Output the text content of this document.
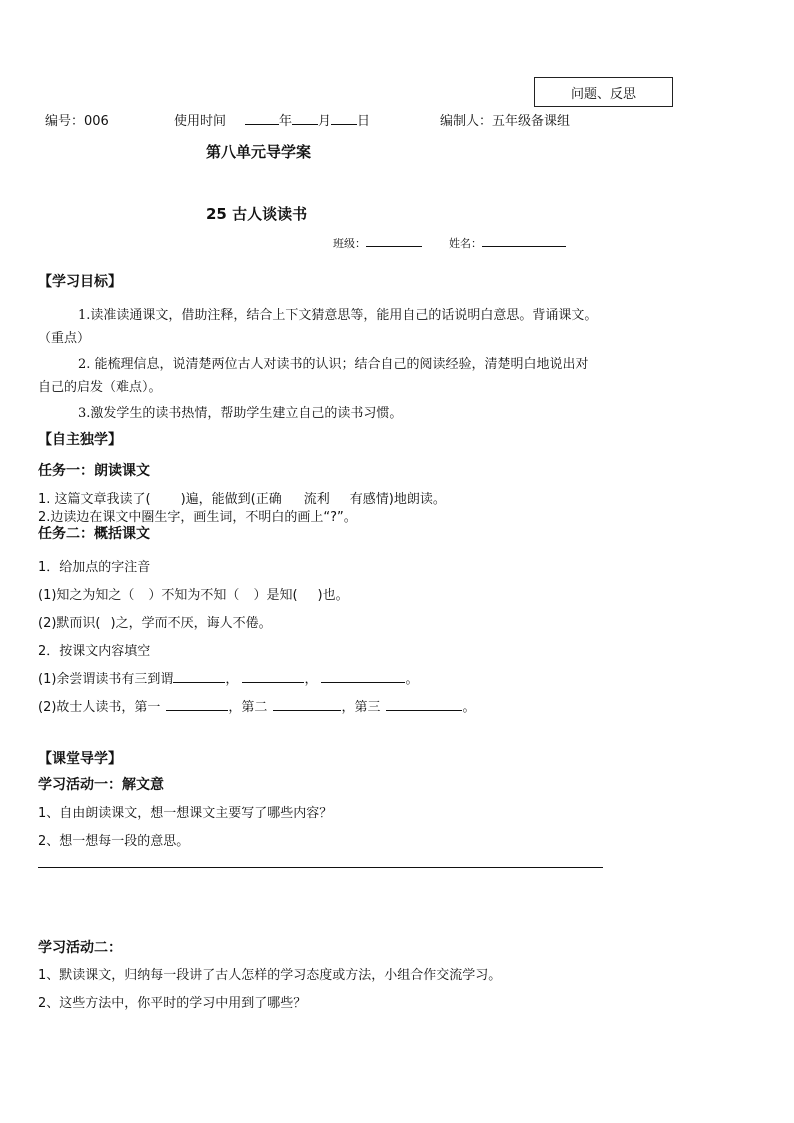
问题、反思
编号：006	使用时间	年 月 日	编制人：五年级备课组
第八单元导学案
25 古人谈读书
班级：	姓名：
【学习目标】
1.读准读通课文，借助注释，结合上下文猜意思等，能用自己的话说明白意思。背诵课文。
（重点）
2. 能梳理信息，说清楚两位古人对读书的认识；结合自己的阅读经验，清楚明白地说出对
自己的启发（难点）。
3.激发学生的读书热情，帮助学生建立自己的读书习惯。
【自主独学】
任务一：朗读课文
1. 这篇文章我读了( )遍，能做到(正确 流利 有感情)地朗读。
2.边读边在课文中圈生字，画生词，不明白的画上“?”。
任务二：概括课文
1．给加点的字注音
(1)知之为知之（ ）不知为不知（ ）是知( )也。
(2)默而识( )之，学而不厌，诲人不倦。
2．按课文内容填空
(1)余尝谓读书有三到谓	，	，	。
(2)故士人读书，第一	，第二	，第三	。
【课堂导学】
学习活动一：解文意
1、自由朗读课文，想一想课文主要写了哪些内容？
2、想一想每一段的意思。
学习活动二：
1、默读课文，归纳每一段讲了古人怎样的学习态度或方法，小组合作交流学习。
2、这些方法中，你平时的学习中用到了哪些？
